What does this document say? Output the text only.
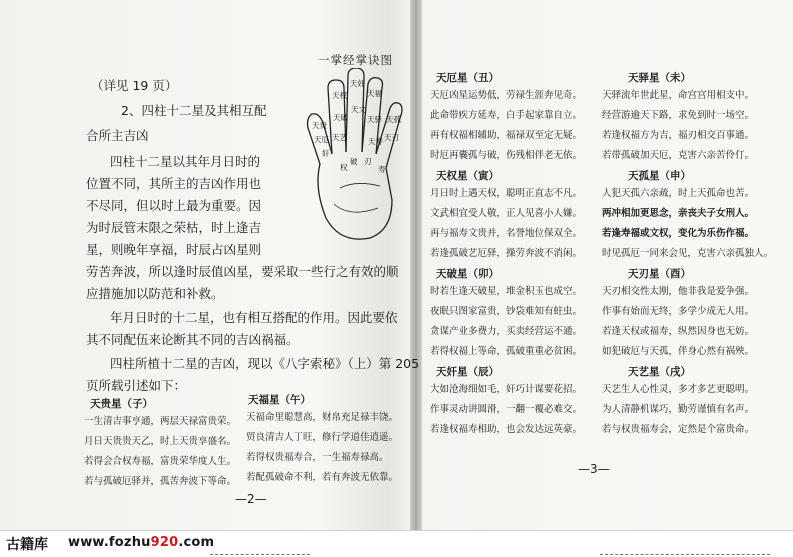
一掌经掌诀图
天贵
天厄
天权
天破
天奸
天文
天福
天驿 天孤
天刃
天艺	天寿
权	寿
破 刃
奸
（详见 19 页）
2、四柱十二星及其相互配
合所主吉凶
四柱十二星以其年月日时的
位置不同，其所主的吉凶作用也
不尽同，但以时上最为重要。因
为时辰管末限之荣枯，时上逢吉
星，则晚年享福，时辰占凶星则
劳苦奔波，所以逢时辰值凶星，要采取一些行之有效的顺
应措施加以防范和补救。
年月日时的十二星，也有相互搭配的作用。因此要依
其不同配伍来论断其不同的吉凶祸福。
四柱所植十二星的吉凶，现以《八字索秘》（上）第 205
页所载引述如下：
天贵星（子）
一生清吉事亨通，两层天禄富贵荣。
月日天贵贵天乙，时上天贵享盛名。
若得会合权寿福，富贵荣华度人生。
若与孤破厄驿并，孤苦奔波下等命。
天福星（午）
天福命里聪慧高，财帛充足禄丰饶。
贸良清吉人丁旺，修行学道佳逍遥。
若得权贵福寿合，一生福寿禄高。
若配孤破命不利，若有奔波无依靠。
—2—
天厄星（丑）
天厄凶星运势低，劳禄生涯奔见奇。
此命带疾方延寿，白手起家靠自立。
再有权福相辅助，福禄双至定无疑。
时厄再囊孤与破，伤残相伴老无依。
天权星（寅）
月日时上遇天权，聪明正直志不凡。
文武相宜受人敬，正人见喜小人嫌。
再与福寿文贵并，名誉地位保双全。
若逢孤破艺厄驿，操劳奔波不消闲。
天破星（卯）
时若生逢天破星，堆金积玉也成空。
夜眠只图家富贵，钞袋难知有蛀虫。
贪谋产业多费力，买卖经营运不通。
若得权福上等命，孤破重重必贫困。
天奸星（辰）
大如沧海细如毛，奸巧计谋要花招。
作事灵动讲圆滑，一翻一覆必难交。
若逢权福寿相助，也会发达远英豪。
天驿星（未）
天驿流年世此星，命宫宫用相支中。
经营游逾天下路，求免到时一场空。
若逢权福方为吉，福刃相交百事通。
若带孤破加天厄，克害六亲苦伶仃。
天孤星（申）
人犯天孤六亲疏，时上天孤命也苦。
两冲相加更思念，亲丧夫子女刑人。
若逢寿福或文权，变化为乐伤作福。
时见孤厄一同来会见，克害六亲孤独人。
天刃星（酉）
天刃相交性太刚，他非我是爱争强。
作事有始而无终，多学少成无人用。
若逢天权或福寿，纵然因身也无妨。
如犯破厄与天孤，伴身心然有祸殃。
天艺星（戌）
天艺生人心性灵，多才多艺更聪明。
为人清静机谋巧，勤劳谨慎有名声。
若与权贵福寿会，定然是个富贵命。
—3—
古籍库 www.fozhu920.com
